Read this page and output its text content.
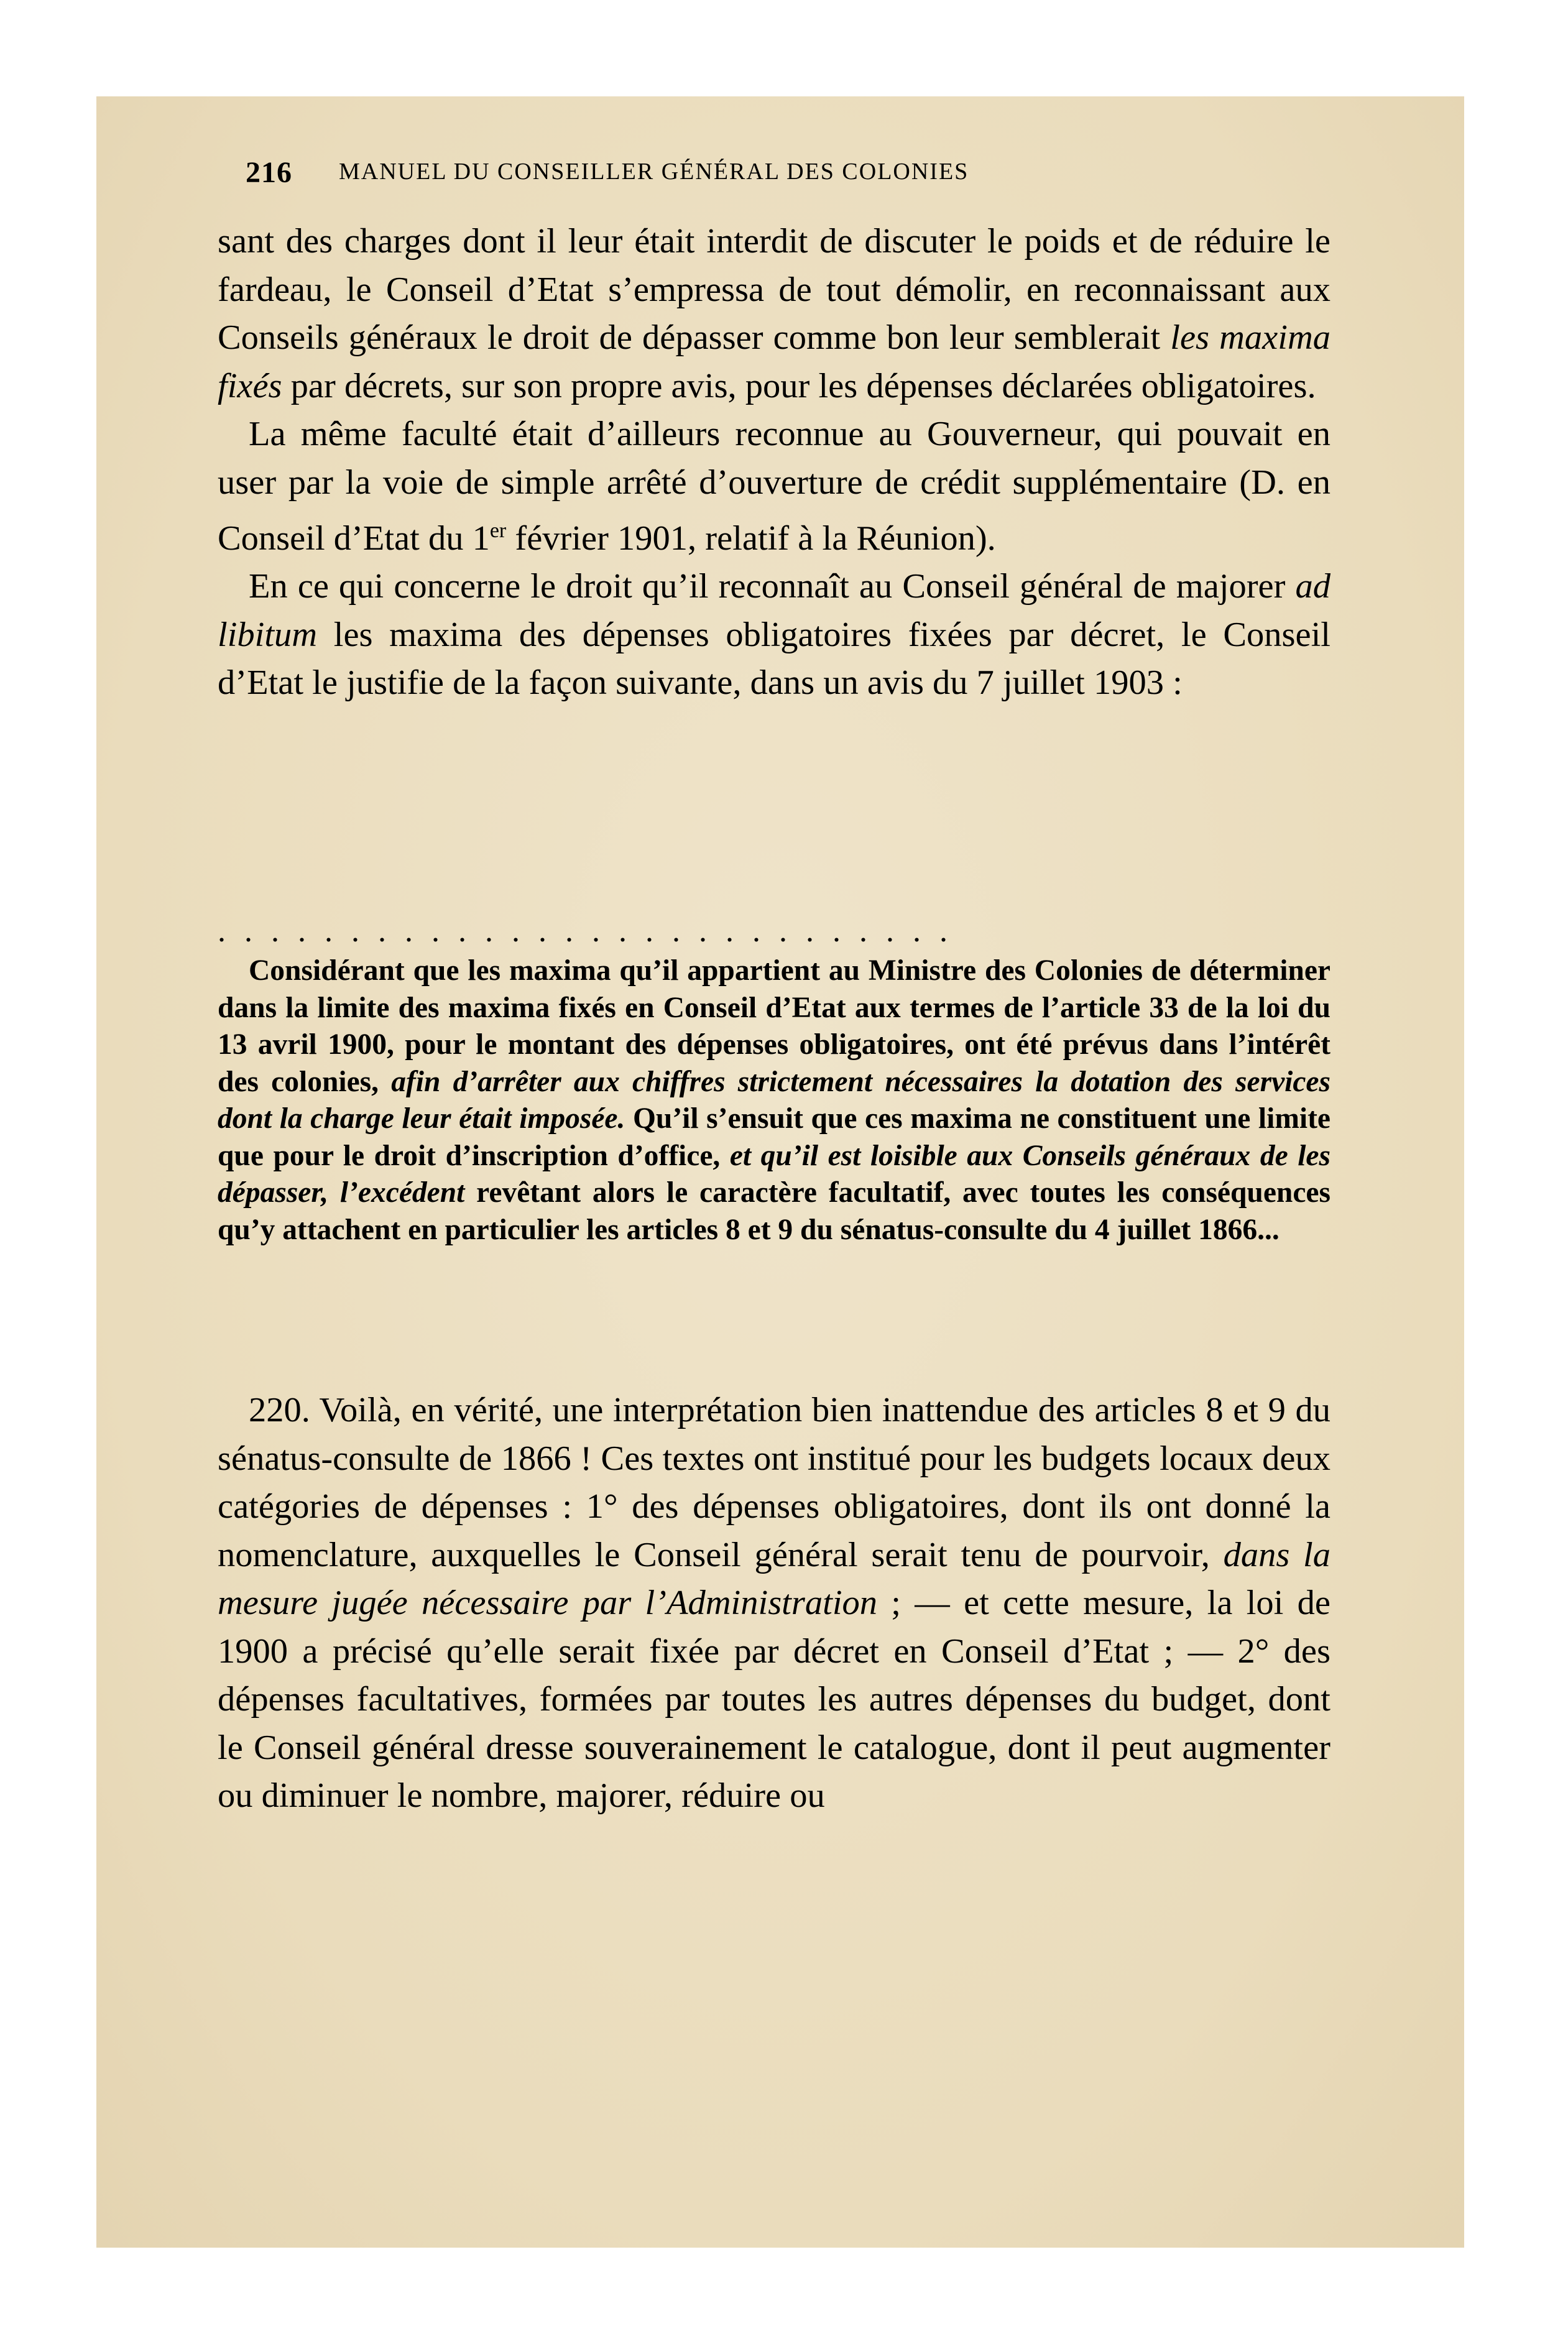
216 MANUEL DU CONSEILLER GÉNÉRAL DES COLONIES

sant des charges dont il leur était interdit de discuter le poids et de réduire le fardeau, le Conseil d’Etat s’empressa de tout démolir, en reconnaissant aux Conseils généraux le droit de dépasser comme bon leur semblerait les maxima fixés par décrets, sur son propre avis, pour les dépenses déclarées obligatoires.

La même faculté était d’ailleurs reconnue au Gouverneur, qui pouvait en user par la voie de simple arrêté d’ouverture de crédit supplémentaire (D. en Conseil d’Etat du 1er février 1901, relatif à la Réunion).

En ce qui concerne le droit qu’il reconnaît au Conseil général de majorer ad libitum les maxima des dépenses obligatoires fixées par décret, le Conseil d’Etat le justifie de la façon suivante, dans un avis du 7 juillet 1903 :

............................

Considérant que les maxima qu’il appartient au Ministre des Colonies de déterminer dans la limite des maxima fixés en Conseil d’Etat aux termes de l’article 33 de la loi du 13 avril 1900, pour le montant des dépenses obligatoires, ont été prévus dans l’intérêt des colonies, afin d’arrêter aux chiffres strictement nécessaires la dotation des services dont la charge leur était imposée. Qu’il s’ensuit que ces maxima ne constituent une limite que pour le droit d’inscription d’office, et qu’il est loisible aux Conseils généraux de les dépasser, l’excédent revêtant alors le caractère facultatif, avec toutes les conséquences qu’y attachent en particulier les articles 8 et 9 du sénatus-consulte du 4 juillet 1866...

220. Voilà, en vérité, une interprétation bien inattendue des articles 8 et 9 du sénatus-consulte de 1866 ! Ces textes ont institué pour les budgets locaux deux catégories de dépenses : 1° des dépenses obligatoires, dont ils ont donné la nomenclature, auxquelles le Conseil général serait tenu de pourvoir, dans la mesure jugée nécessaire par l’Administration ; — et cette mesure, la loi de 1900 a précisé qu’elle serait fixée par décret en Conseil d’Etat ; — 2° des dépenses facultatives, formées par toutes les autres dépenses du budget, dont le Conseil général dresse souverainement le catalogue, dont il peut augmenter ou diminuer le nombre, majorer, réduire ou
